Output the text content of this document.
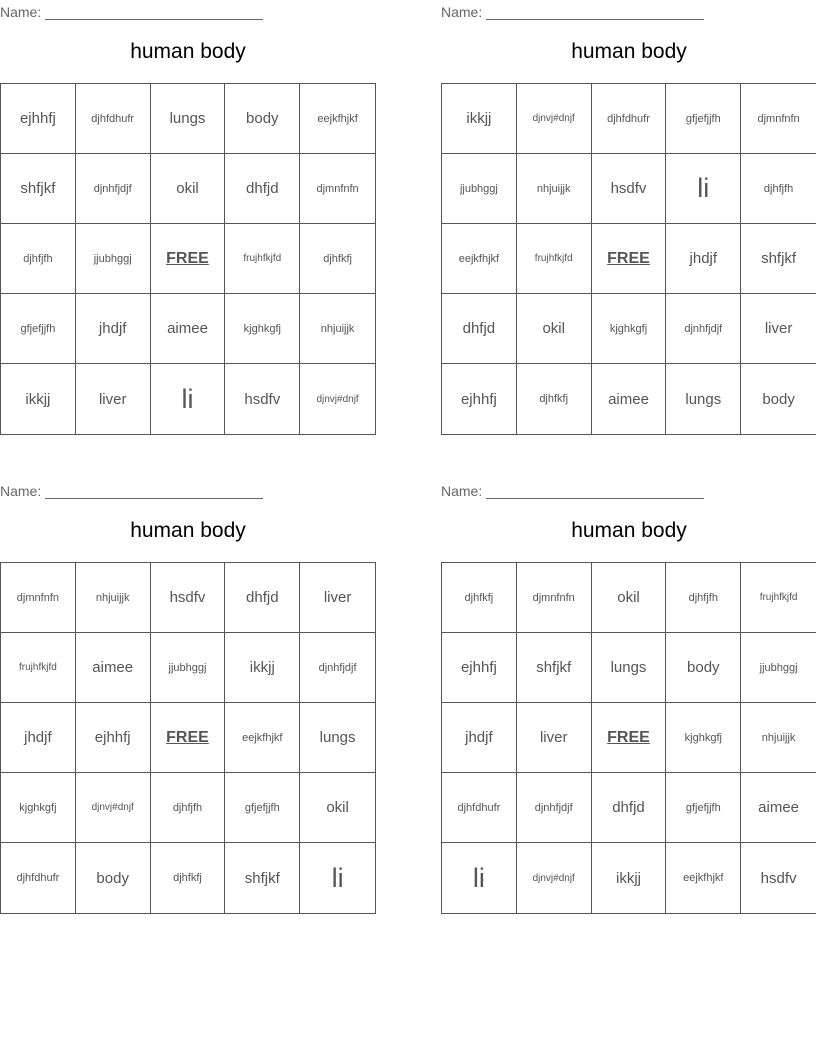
Name:
human body
ejhhfj	djhfdhufr	lungs	body	eejkfhjkf
shfjkf	djnhfjdjf	okil	dhfjd	djmnfnfn
djhfjfh	jjubhggj	FREE	frujhfkjfd	djhfkfj
gfjefjjfh	jhdjf	aimee	kjghkgfj	nhjuijjk
ikkjj	liver	li	hsdfv	djnvj#dnjf
Name:
human body
ikkjj	djnvj#dnjf	djhfdhufr	gfjefjjfh	djmnfnfn
jjubhggj	nhjuijjk	hsdfv	li	djhfjfh
eejkfhjkf	frujhfkjfd	FREE	jhdjf	shfjkf
dhfjd	okil	kjghkgfj	djnhfjdjf	liver
ejhhfj	djhfkfj	aimee	lungs	body
Name:
human body
djmnfnfn	nhjuijjk	hsdfv	dhfjd	liver
frujhfkjfd	aimee	jjubhggj	ikkjj	djnhfjdjf
jhdjf	ejhhfj	FREE	eejkfhjkf	lungs
kjghkgfj	djnvj#dnjf	djhfjfh	gfjefjjfh	okil
djhfdhufr	body	djhfkfj	shfjkf	li
Name:
human body
djhfkfj	djmnfnfn	okil	djhfjfh	frujhfkjfd
ejhhfj	shfjkf	lungs	body	jjubhggj
jhdjf	liver	FREE	kjghkgfj	nhjuijjk
djhfdhufr	djnhfjdjf	dhfjd	gfjefjjfh	aimee
li	djnvj#dnjf	ikkjj	eejkfhjkf	hsdfv
